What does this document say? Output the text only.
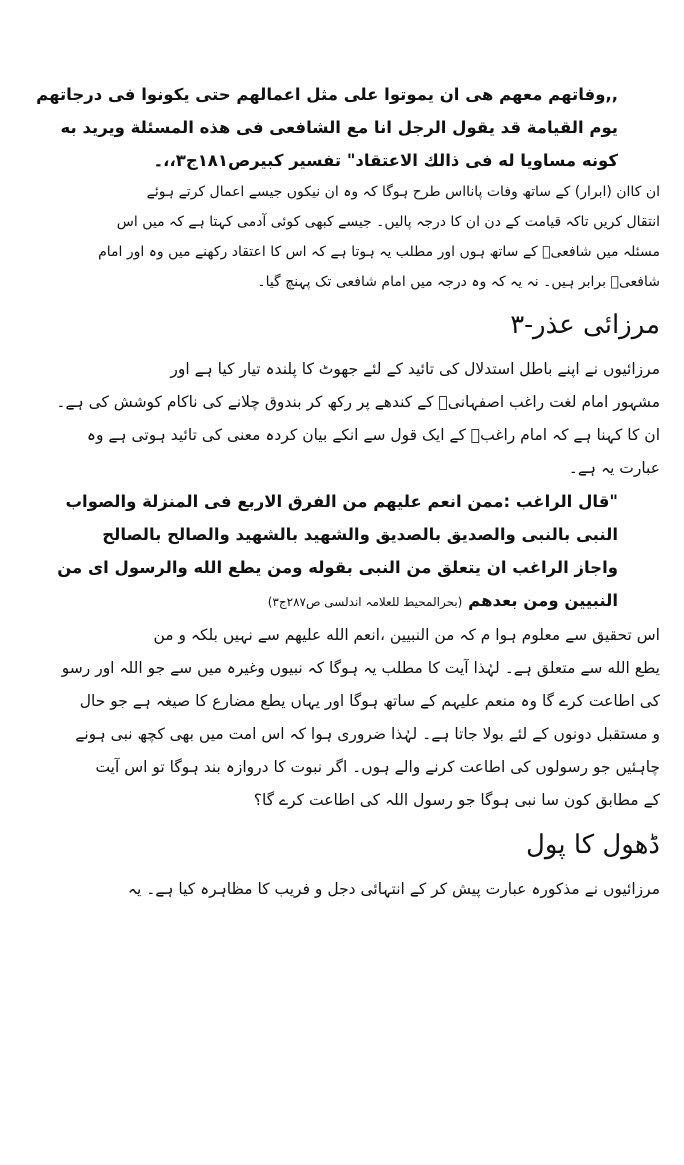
,,وفاتهم معهم هى ان يموتوا على مثل اعمالهم حتى يكونوا فى درجاتهم
يوم القيامة قد يقول الرجل انا مع الشافعى فى هذه المسئلة ويريد به
كونه مساويا له فى ذالك الاعتقاد" تفسیر کبیرص۱۸۱ج۳،،۔
ان کاان (ابرار) کے ساتھ وفات پانااس طرح ہوگا کہ وہ ان نیکوں جیسے اعمال کرتے ہوئے
انتقال کریں تاکہ قیامت کے دن ان کا درجہ پالیں۔ جیسے کبھی کوئی آدمی کہتا ہے کہ میں اس
مسئلہ میں شافعیؒ کے ساتھ ہوں اور مطلب یہ ہوتا ہے کہ اس کا اعتقاد رکھنے میں وہ اور امام
شافعیؒ برابر ہیں۔ نہ یہ کہ وہ درجہ میں امام شافعی تک پہنچ گیا۔
مرزائی عذر-۳
مرزائیوں نے اپنے باطل استدلال کی تائید کے لئے جھوٹ کا پلندہ تیار کیا ہے اور
مشہور امام لغت راغب اصفہانیؒ کے کندھے پر رکھ کر بندوق چلانے کی ناکام کوشش کی ہے۔
ان کا کہنا ہے کہ امام راغبؒ کے ایک قول سے انکے بیان کردہ معنی کی تائید ہوتی ہے وہ
عبارت یہ ہے۔
"قال الراغب :ممن انعم عليهم من الفرق الاربع فى المنزلة والصواب
النبى بالنبى والصديق بالصديق والشهيد بالشهيد والصالح بالصالح
واجاز الراغب ان يتعلق من النبى بقوله ومن يطع الله والرسول اى من
النبيين ومن بعدهم (بحرالمحیط للعلامہ اندلسی ص۲۸۷ج۳)
اس تحقیق سے معلوم ہوا م کہ من النبیین ،انعم الله علیهم سے نہیں بلکہ و من
يطع الله سے متعلق ہے۔ لہٰذا آیت کا مطلب یہ ہوگا کہ نبیوں وغیرہ میں سے جو اللہ اور رسو
کی اطاعت کرے گا وہ منعم علیہم کے ساتھ ہوگا اور یہاں یطع مضارع کا صیغہ ہے جو حال
و مستقبل دونوں کے لئے بولا جاتا ہے۔ لہٰذا ضروری ہوا کہ اس امت میں بھی کچھ نبی ہونے
چاہئیں جو رسولوں کی اطاعت کرنے والے ہوں۔ اگر نبوت کا دروازہ بند ہوگا تو اس آیت
کے مطابق کون سا نبی ہوگا جو رسول اللہ کی اطاعت کرے گا؟
ڈھول کا پول
مرزائیوں نے مذکورہ عبارت پیش کر کے انتہائی دجل و فریب کا مظاہرہ کیا ہے۔ یہ
